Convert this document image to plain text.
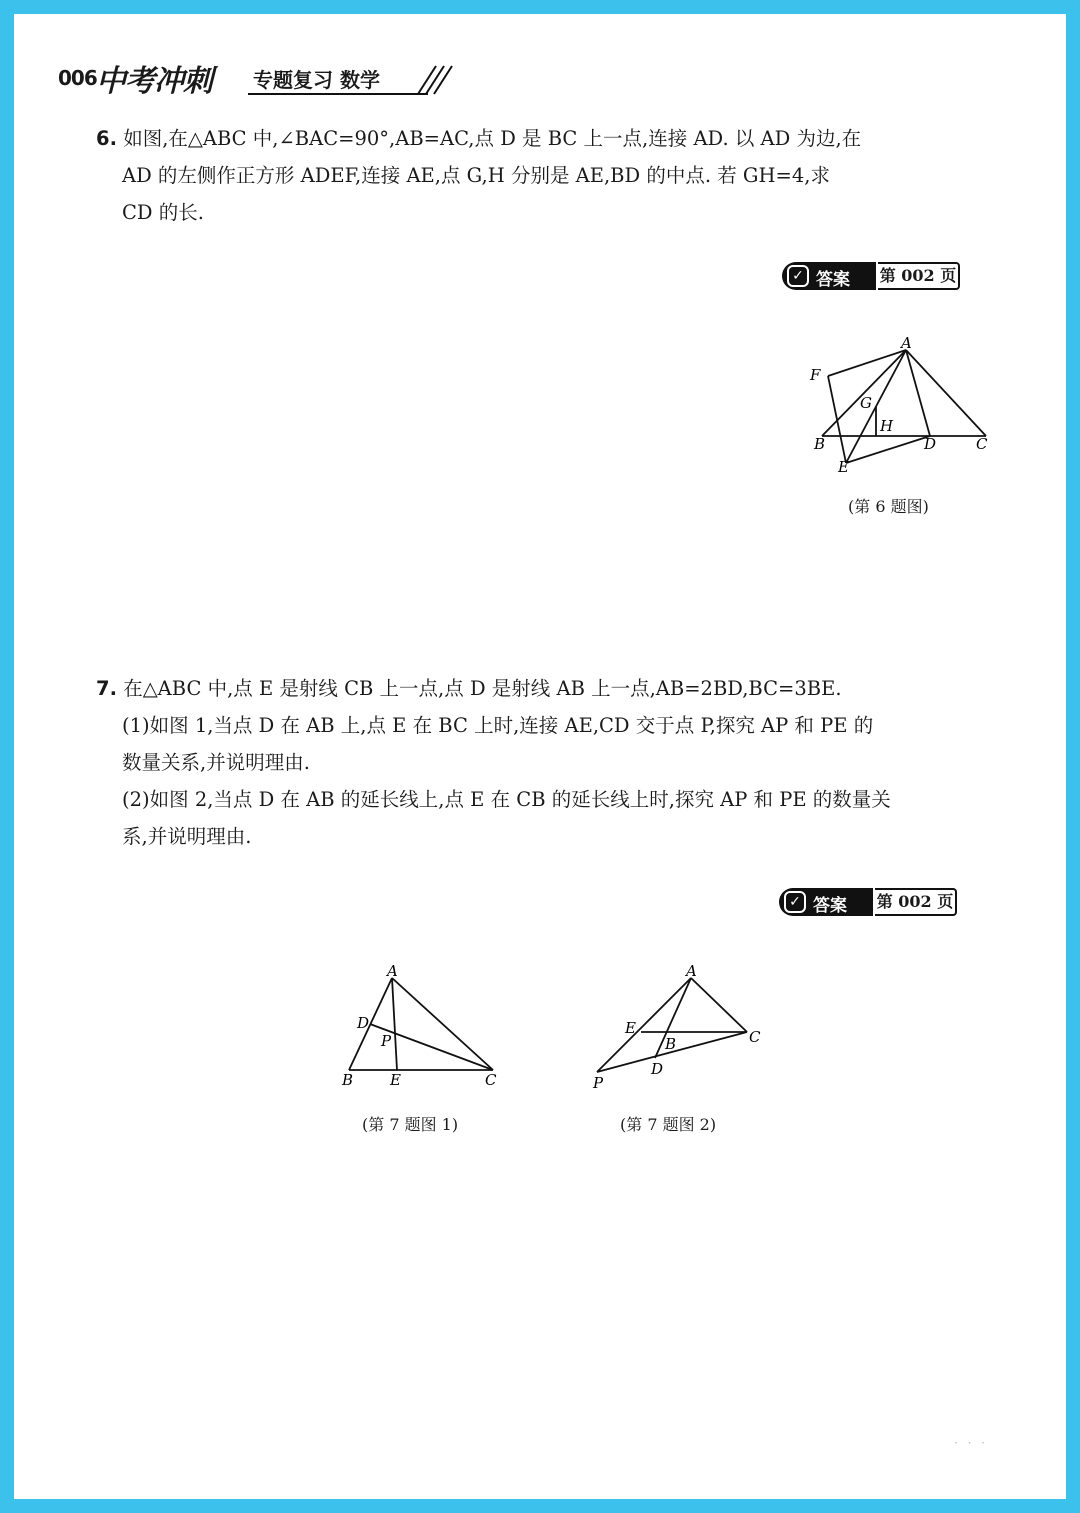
006 中考冲刺 专题复习 数学

6. 如图,在△ABC 中,∠BAC=90°,AB=AC,点 D 是 BC 上一点,连接 AD. 以 AD 为边,在

AD 的左侧作正方形 ADEF,连接 AE,点 G,H 分别是 AE,BD 的中点. 若 GH=4,求

CD 的长.

✓ 答案 第 002 页
A
F
G
H
B	D	C
E
(第 6 题图)

7. 在△ABC 中,点 E 是射线 CB 上一点,点 D 是射线 AB 上一点,AB=2BD,BC=3BE.

(1)如图 1,当点 D 在 AB 上,点 E 在 BC 上时,连接 AE,CD 交于点 P,探究 AP 和 PE 的

数量关系,并说明理由.

(2)如图 2,当点 D 在 AB 的延长线上,点 E 在 CB 的延长线上时,探究 AP 和 PE 的数量关

系,并说明理由.

✓ 答案 第 002 页
A
D
P
B E	C
(第 7 题图 1)
A
E
B	C
D
P
(第 7 题图 2)
· · ·
